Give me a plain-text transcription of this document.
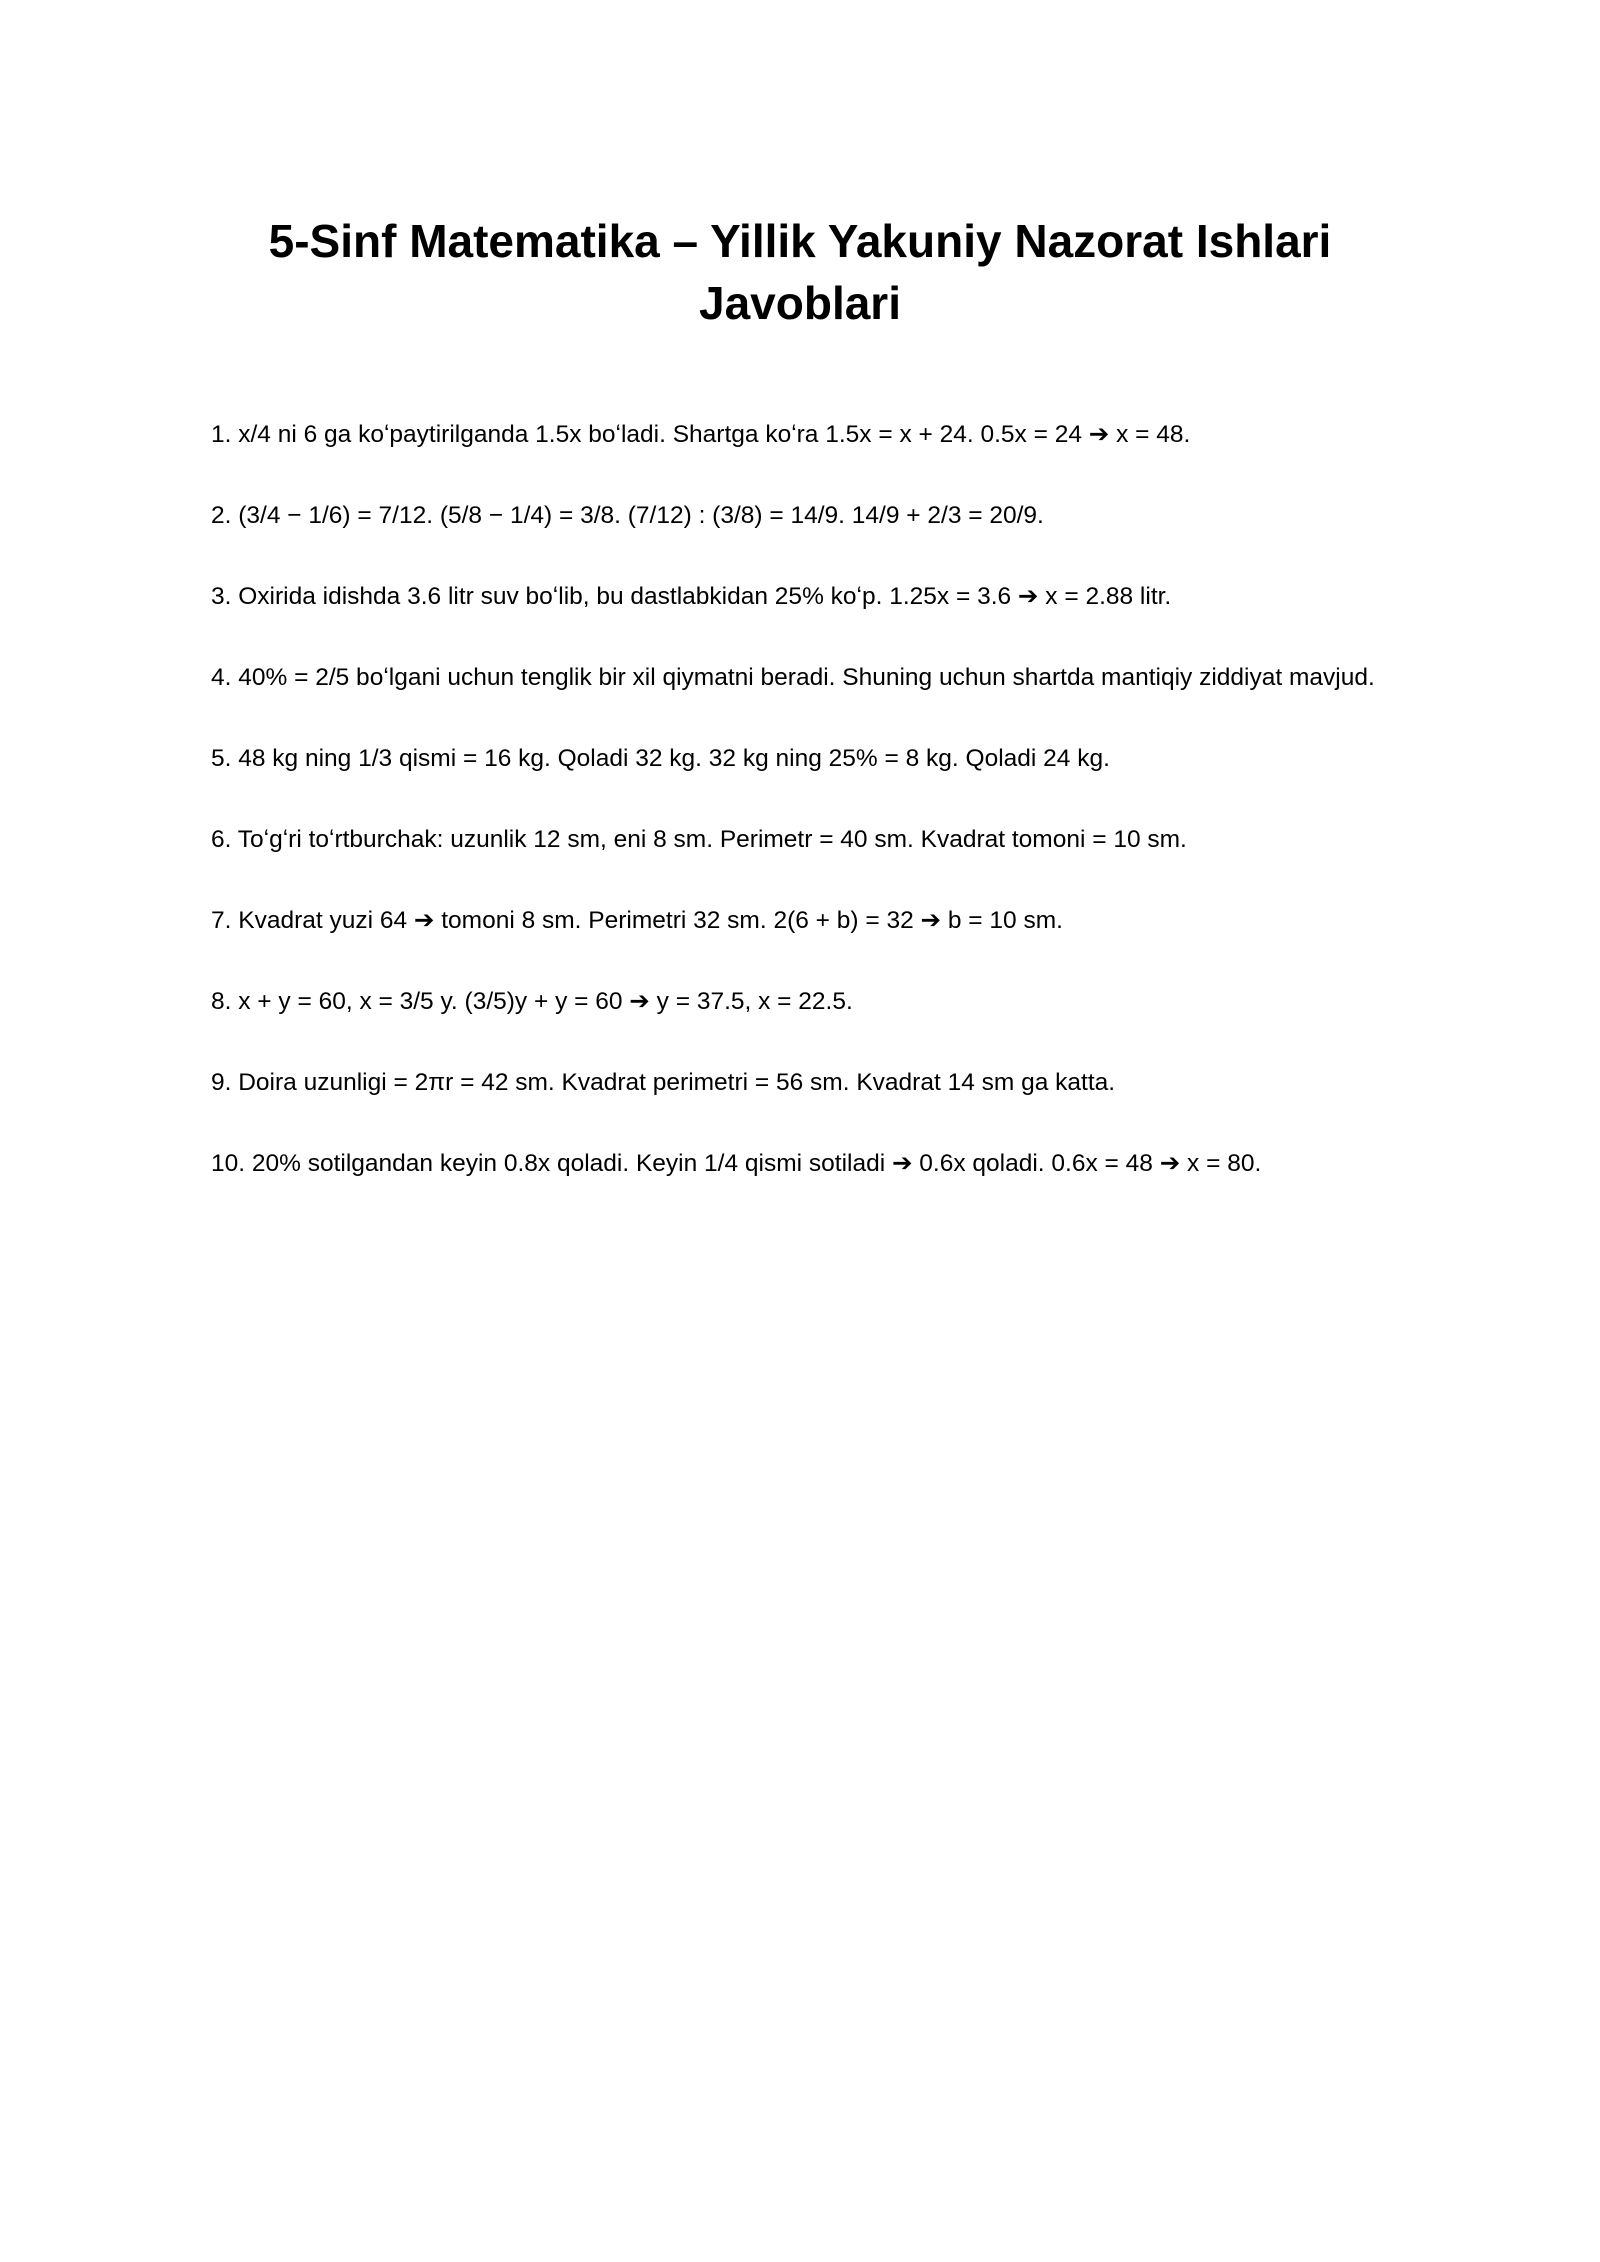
5-Sinf Matematika – Yillik Yakuniy Nazorat Ishlari Javoblari
1. x/4 ni 6 ga koʻpaytirilganda 1.5x boʻladi. Shartga koʻra 1.5x = x + 24. 0.5x = 24 ➔ x = 48.
2. (3/4 − 1/6) = 7/12. (5/8 − 1/4) = 3/8. (7/12) : (3/8) = 14/9. 14/9 + 2/3 = 20/9.
3. Oxirida idishda 3.6 litr suv boʻlib, bu dastlabkidan 25% koʻp. 1.25x = 3.6 ➔ x = 2.88 litr.
4. 40% = 2/5 boʻlgani uchun tenglik bir xil qiymatni beradi. Shuning uchun shartda mantiqiy ziddiyat mavjud.
5. 48 kg ning 1/3 qismi = 16 kg. Qoladi 32 kg. 32 kg ning 25% = 8 kg. Qoladi 24 kg.
6. Toʻgʻri toʻrtburchak: uzunlik 12 sm, eni 8 sm. Perimetr = 40 sm. Kvadrat tomoni = 10 sm.
7. Kvadrat yuzi 64 ➔ tomoni 8 sm. Perimetri 32 sm. 2(6 + b) = 32 ➔ b = 10 sm.
8. x + y = 60, x = 3/5 y. (3/5)y + y = 60 ➔ y = 37.5, x = 22.5.
9. Doira uzunligi = 2πr = 42 sm. Kvadrat perimetri = 56 sm. Kvadrat 14 sm ga katta.
10. 20% sotilgandan keyin 0.8x qoladi. Keyin 1/4 qismi sotiladi ➔ 0.6x qoladi. 0.6x = 48 ➔ x = 80.
